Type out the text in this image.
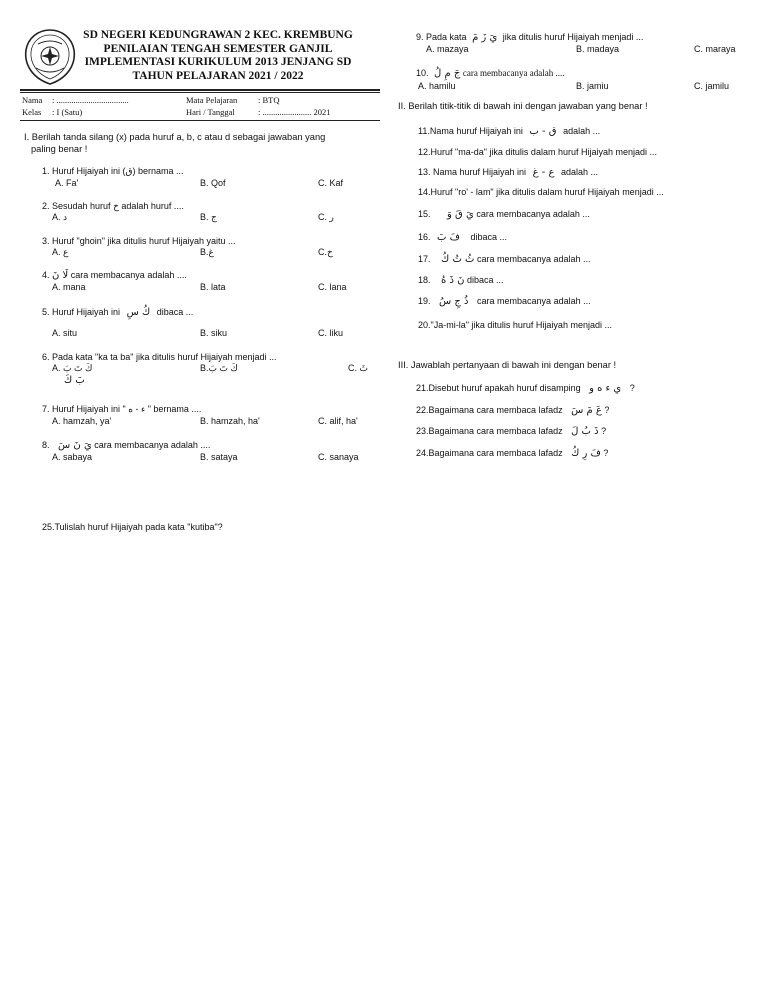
SD NEGERI KEDUNGRAWAN 2 KEC. KREMBUNG
PENILAIAN TENGAH SEMESTER GANJIL
IMPLEMENTASI KURIKULUM 2013 JENJANG SD
TAHUN PELAJARAN 2021 / 2022
Nama : ..................................	Mata Pelajaran : BTQ
Kelas : I (Satu)	Hari / Tanggal	: ....................... 2021
I. Berilah tanda silang (x) pada huruf a, b, c atau d sebagai jawaban yang
paling benar !
1. Huruf Hijaiyah ini (ق) bernama ...
A. Fa'	B. Qof	C. Kaf
2. Sesudah huruf خ adalah huruf ....
A. د	B. ج	C. ر
3. Huruf "ghoin" jika ditulis huruf Hijaiyah yaitu ...
A. ع	B.غ	C.خ
4. لَا نَ cara membacanya adalah ....
A. mana	B. lata	C. lana
5. Huruf Hijaiyah ini كُ سِ dibaca ...
A. situ	B. siku	C. liku
6. Pada kata "ka ta ba" jika ditulis huruf Hijaiyah menjadi ...
A. كَ تَ بَ
بَ كَ
B.كَ تَ بَ	C. ثَ
7. Huruf Hijaiyah ini " ء - ه " bernama ....
A. hamzah, ya'	B. hamzah, ha'	C. alif, ha'
8. يَ نَ سَ cara membacanya adalah ....
A. sabaya	B. sataya	C. sanaya
25.Tulislah huruf Hijaiyah pada kata "kutiba"?
9. Pada kata يَ زَ مَ jika ditulis huruf Hijaiyah menjadi ...
A. mazaya	B. madaya	C. maraya
10. جَ مِ لُ cara membacanya adalah ....
A. hamilu	B. jamiu	C. jamilu
II. Berilah titik-titik di bawah ini dengan jawaban yang benar !
11.Nama huruf Hijaiyah ini ق - ب adalah ...
12.Huruf "ma-da" jika ditulis dalam huruf Hijaiyah menjadi ...
13. Nama huruf Hijaiyah ini ع - غ adalah ...
14.Huruf "ro' - lam" jika ditulis dalam huruf Hijaiyah menjadi ...
15. يَ قَ وَ cara membacanya adalah ...
16. فَ بَ dibaca ...
17. ثُ تُ كُ cara membacanya adalah ...
18. نَ ذَ هُ dibaca ...
19. ذُ جِ سُ cara membacanya adalah ...
20."Ja-mi-la" jika ditulis huruf Hijaiyah menjadi ...
III. Jawablah pertanyaan di bawah ini dengan benar !
21.Disebut huruf apakah huruf disamping ي ء ه و ?
22.Bagaimana cara membaca lafadz عَ مَ سَ ?
23.Bagaimana cara membaca lafadz ذَ بُ لَ ?
24.Bagaimana cara membaca lafadz فَ رِ كُ ?
